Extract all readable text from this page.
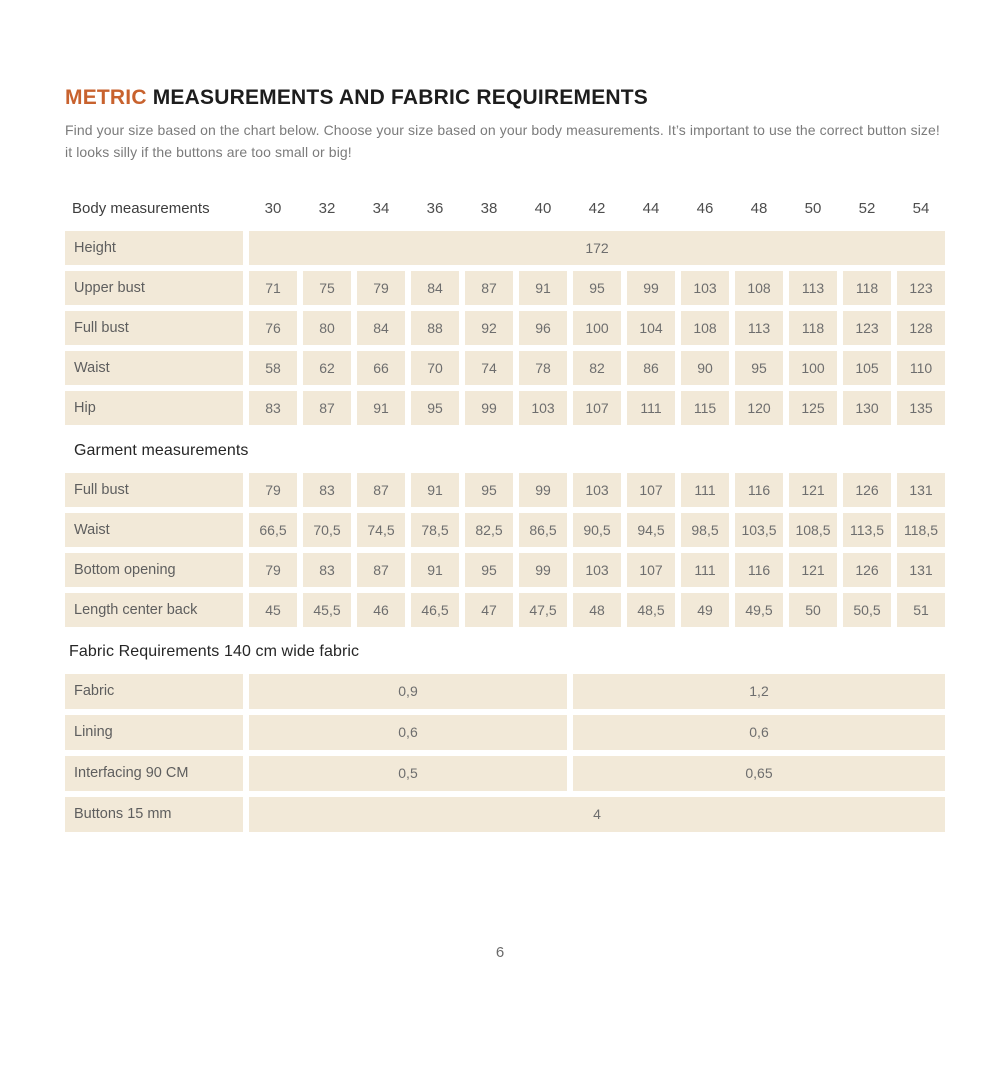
METRIC MEASUREMENTS AND FABRIC REQUIREMENTS

Find your size based on the chart below. Choose your size based on your body measurements. It’s important to use the correct button size! it looks silly if the buttons are too small or big!

Body measurements	30	32	34	36	38	40	42	44	46	48	50	52	54
Height	172
Upper bust	71	75	79	84	87	91	95	99	103	108	113	118	123
Full bust	76	80	84	88	92	96	100	104	108	113	118	123	128
Waist	58	62	66	70	74	78	82	86	90	95	100	105	110
Hip	83	87	91	95	99	103	107	111	115	120	125	130	135
Garment measurements
Full bust	79	83	87	91	95	99	103	107	111	116	121	126	131
Waist	66,5	70,5	74,5	78,5	82,5	86,5	90,5	94,5	98,5	103,5	108,5	113,5	118,5
Bottom opening	79	83	87	91	95	99	103	107	111	116	121	126	131
Length center back	45	45,5	46	46,5	47	47,5	48	48,5	49	49,5	50	50,5	51
Fabric Requirements 140 cm wide fabric
Fabric	0,9	1,2
Lining	0,6	0,6
Interfacing 90 CM	0,5	0,65
Buttons 15 mm	4
6
